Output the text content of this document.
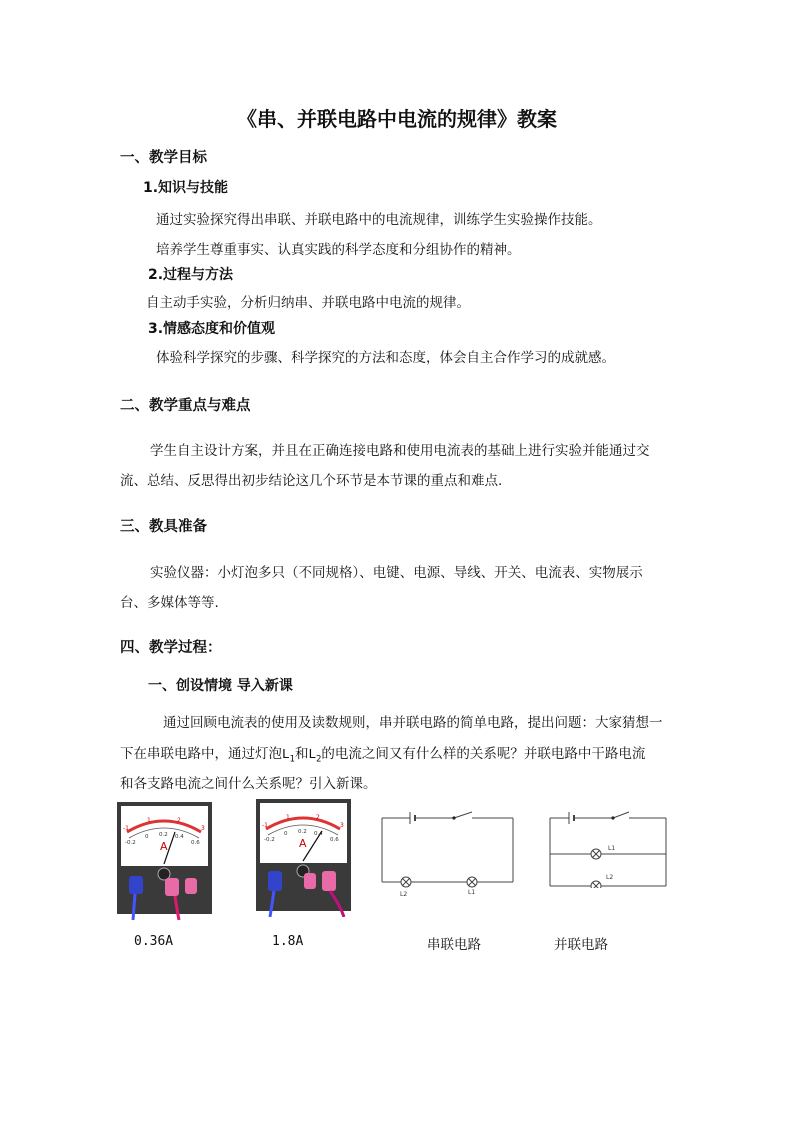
《串、并联电路中电流的规律》教案
一、教学目标
1.知识与技能
通过实验探究得出串联、并联电路中的电流规律，训练学生实验操作技能。
培养学生尊重事实、认真实践的科学态度和分组协作的精神。
2.过程与方法
自主动手实验，分析归纳串、并联电路中电流的规律。
3.情感态度和价值观
体验科学探究的步骤、科学探究的方法和态度，体会自主合作学习的成就感。
二、教学重点与难点
学生自主设计方案，并且在正确连接电路和使用电流表的基础上进行实验并能通过交
流、总结、反思得出初步结论这几个环节是本节课的重点和难点.
三、教具准备
实验仪器：小灯泡多只（不同规格）、电键、电源、导线、开关、电流表、实物展示
台、多媒体等等.
四、教学过程：
一、创设情境 导入新课
通过回顾电流表的使用及读数规则，串并联电路的简单电路，提出问题：大家猜想一
下在串联电路中，通过灯泡$L_1$和$L_2$的电流之间又有什么样的关系呢？并联电路中干路电流
和各支路电流之间什么关系呢？引入新课。
-1
1	2
3
-0.2
0 0.2 0.4
0.6
A
-1
1	2
3
-0.2
0 0.2 0.4
0.6
A
L2	L1
L1
L2
0.36A	1.8A	串联电路	并联电路
